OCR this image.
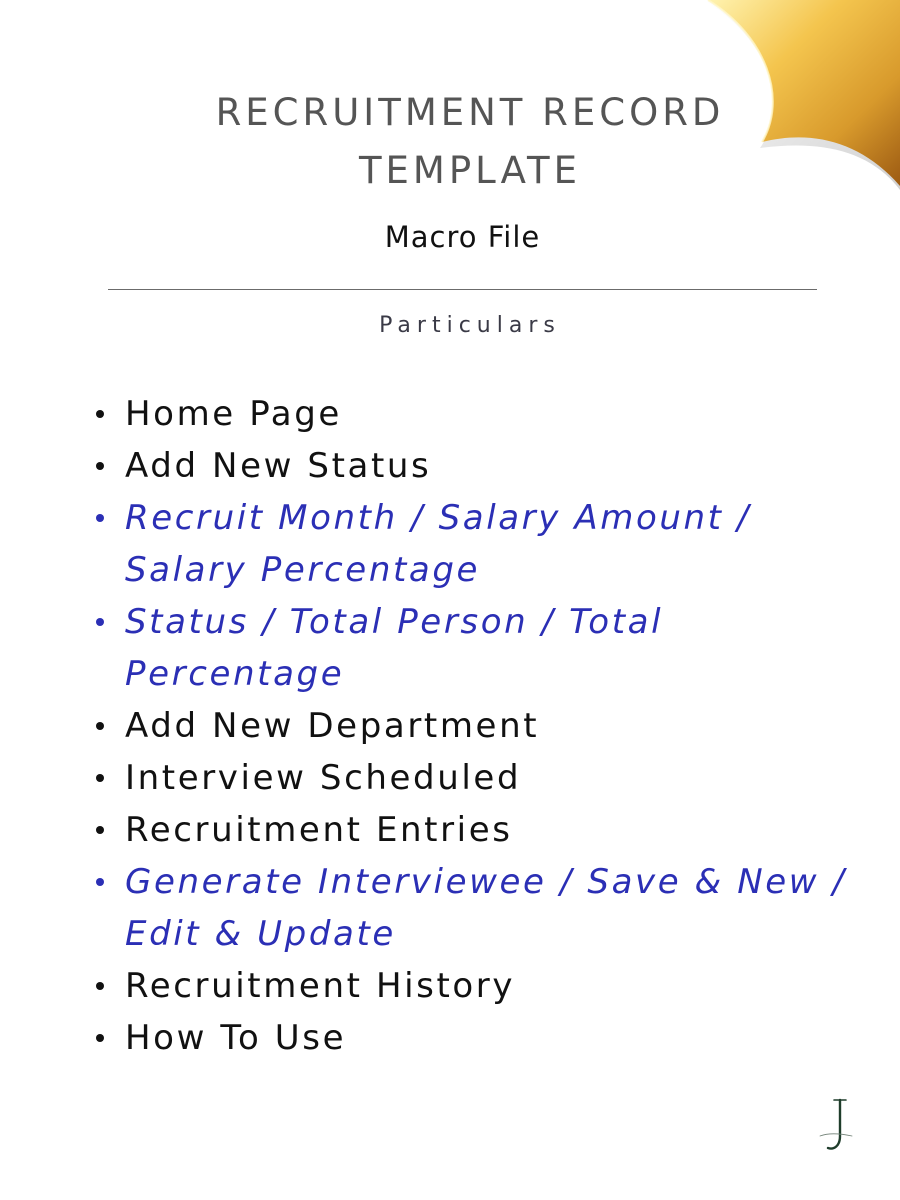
RECRUITMENT RECORD TEMPLATE
Macro File
Particulars
Home Page
Add New Status
Recruit Month / Salary Amount / Salary Percentage
Status / Total Person / Total Percentage
Add New Department
Interview Scheduled
Recruitment Entries
Generate Interviewee / Save & New / Edit & Update
Recruitment History
How To Use
